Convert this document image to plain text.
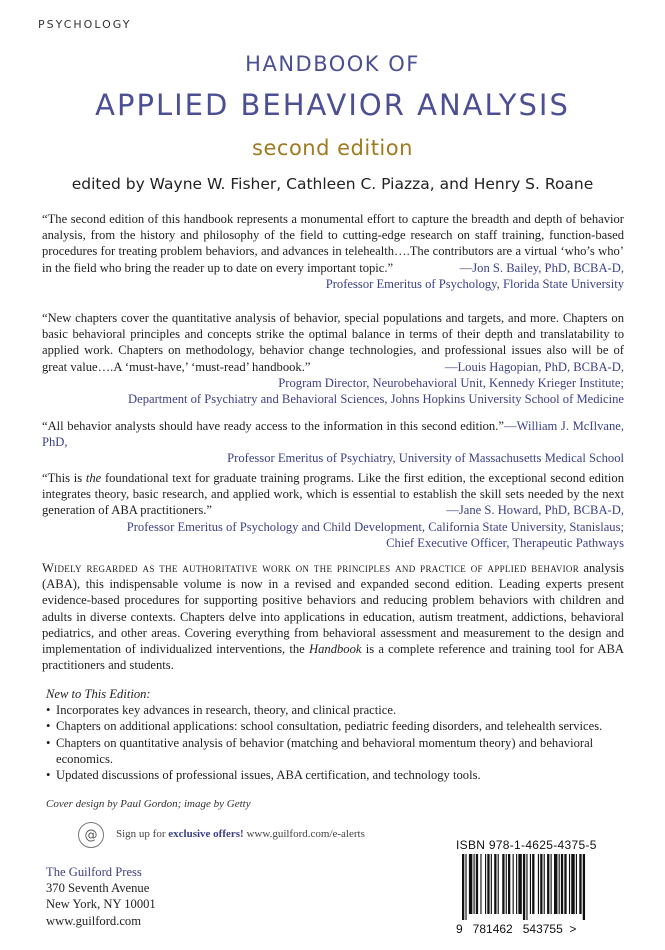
PSYCHOLOGY
HANDBOOK OF
APPLIED BEHAVIOR ANALYSIS
second edition
edited by Wayne W. Fisher, Cathleen C. Piazza, and Henry S. Roane
“The second edition of this handbook represents a monumental effort to capture the breadth and depth of behavior analysis, from the history and philosophy of the field to cutting-edge research on staff training, function-based procedures for treating problem behaviors, and advances in telehealth….The contributors are a virtual ‘who’s who’ in the field who bring the reader up to date on every important topic.”	—Jon S. Bailey, PhD, BCBA-D,
Professor Emeritus of Psychology, Florida State University
“New chapters cover the quantitative analysis of behavior, special populations and targets, and more. Chapters on basic behavioral principles and concepts strike the optimal balance in terms of their depth and translatability to applied work. Chapters on methodology, behavior change technologies, and professional issues also will be of great value….A ‘must-have,’ ‘must-read’ handbook.”	—Louis Hagopian, PhD, BCBA-D,
Program Director, Neurobehavioral Unit, Kennedy Krieger Institute;
Department of Psychiatry and Behavioral Sciences, Johns Hopkins University School of Medicine
“All behavior analysts should have ready access to the information in this second edition.”—William J. McIlvane, PhD,
Professor Emeritus of Psychiatry, University of Massachusetts Medical School
“This is the foundational text for graduate training programs. Like the first edition, the exceptional second edition integrates theory, basic research, and applied work, which is essential to establish the skill sets needed by the next generation of ABA practitioners.”	—Jane S. Howard, PhD, BCBA-D,
Professor Emeritus of Psychology and Child Development, California State University, Stanislaus;
Chief Executive Officer, Therapeutic Pathways
Widely regarded as the authoritative work on the principles and practice of applied behavior analysis (ABA), this indispensable volume is now in a revised and expanded second edition. Leading experts present evidence-based procedures for supporting positive behaviors and reducing problem behaviors with children and adults in diverse contexts. Chapters delve into applications in education, autism treatment, addictions, behavioral pediatrics, and other areas. Covering everything from behavioral assessment and measurement to the design and implementation of individualized interventions, the Handbook is a complete reference and training tool for ABA practitioners and students.
New to This Edition:
• Incorporates key advances in research, theory, and clinical practice.
• Chapters on additional applications: school consultation, pediatric feeding disorders, and telehealth services.
• Chapters on quantitative analysis of behavior (matching and behavioral momentum theory) and behavioral economics.
• Updated discussions of professional issues, ABA certification, and technology tools.
Cover design by Paul Gordon; image by Getty
@ Sign up for exclusive offers! www.guilford.com/e-alerts
The Guilford Press
370 Seventh Avenue
New York, NY 10001
www.guilford.com
ISBN 978-1-4625-4375-5
9   781462   543755  >
